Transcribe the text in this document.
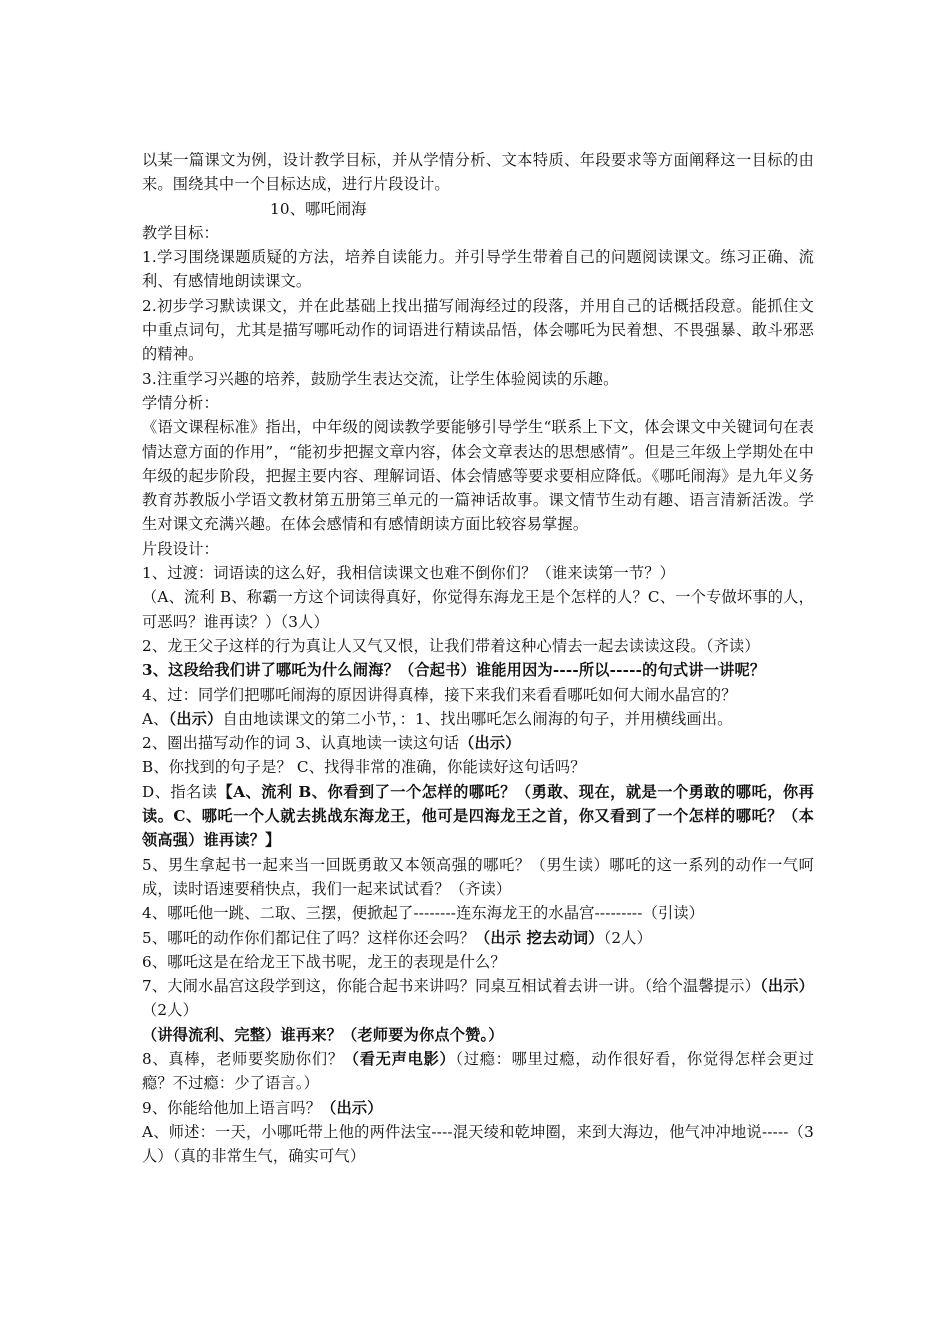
以某一篇课文为例，设计教学目标，并从学情分析、文本特质、年段要求等方面阐释这一目标的由来。围绕其中一个目标达成，进行片段设计。

10、哪吒闹海

教学目标：

1.学习围绕课题质疑的方法，培养自读能力。并引导学生带着自己的问题阅读课文。练习正确、流利、有感情地朗读课文。

2.初步学习默读课文，并在此基础上找出描写闹海经过的段落，并用自己的话概括段意。能抓住文中重点词句，尤其是描写哪吒动作的词语进行精读品悟，体会哪吒为民着想、不畏强暴、敢斗邪恶的精神。

3.注重学习兴趣的培养，鼓励学生表达交流，让学生体验阅读的乐趣。

学情分析：

《语文课程标准》指出，中年级的阅读教学要能够引导学生“联系上下文，体会课文中关键词句在表情达意方面的作用”，“能初步把握文章内容，体会文章表达的思想感情”。但是三年级上学期处在中年级的起步阶段，把握主要内容、理解词语、体会情感等要求要相应降低。《哪吒闹海》是九年义务教育苏教版小学语文教材第五册第三单元的一篇神话故事。课文情节生动有趣、语言清新活泼。学生对课文充满兴趣。在体会感情和有感情朗读方面比较容易掌握。

片段设计：

1、过渡：词语读的这么好，我相信读课文也难不倒你们？（谁来读第一节？）

（A、流利 B、称霸一方这个词读得真好，你觉得东海龙王是个怎样的人？C、一个专做坏事的人，可恶吗？谁再读？）（3人）

2、龙王父子这样的行为真让人又气又恨，让我们带着这种心情去一起去读读这段。（齐读）

3、这段给我们讲了哪吒为什么闹海？（合起书）谁能用因为----所以-----的句式讲一讲呢？

4、过：同学们把哪吒闹海的原因讲得真棒，接下来我们来看看哪吒如何大闹水晶宫的？

A、（出示）自由地读课文的第二小节，：1、找出哪吒怎么闹海的句子，并用横线画出。

2、圈出描写动作的词 3、认真地读一读这句话（出示）

B、你找到的句子是？ C、找得非常的准确，你能读好这句话吗？

D、指名读【A、流利 B、你看到了一个怎样的哪吒？（勇敢、现在，就是一个勇敢的哪吒，你再读。C、哪吒一个人就去挑战东海龙王，他可是四海龙王之首，你又看到了一个怎样的哪吒？（本领高强）谁再读？】

5、男生拿起书一起来当一回既勇敢又本领高强的哪吒？（男生读）哪吒的这一系列的动作一气呵成，读时语速要稍快点，我们一起来试试看？（齐读）

4、哪吒他一跳、二取、三摆，便掀起了--------连东海龙王的水晶宫---------（引读）

5、哪吒的动作你们都记住了吗？这样你还会吗？（出示 挖去动词）（2人）

6、哪吒这是在给龙王下战书呢，龙王的表现是什么？

7、大闹水晶宫这段学到这，你能合起书来讲吗？同桌互相试着去讲一讲。（给个温馨提示）（出示）（2人）

（讲得流利、完整）谁再来？（老师要为你点个赞。）

8、真棒，老师要奖励你们？（看无声电影）（过瘾：哪里过瘾，动作很好看，你觉得怎样会更过瘾？不过瘾：少了语言。）

9、你能给他加上语言吗？（出示）

A、师述：一天，小哪吒带上他的两件法宝----混天绫和乾坤圈，来到大海边，他气冲冲地说-----（3人）（真的非常生气，确实可气）
